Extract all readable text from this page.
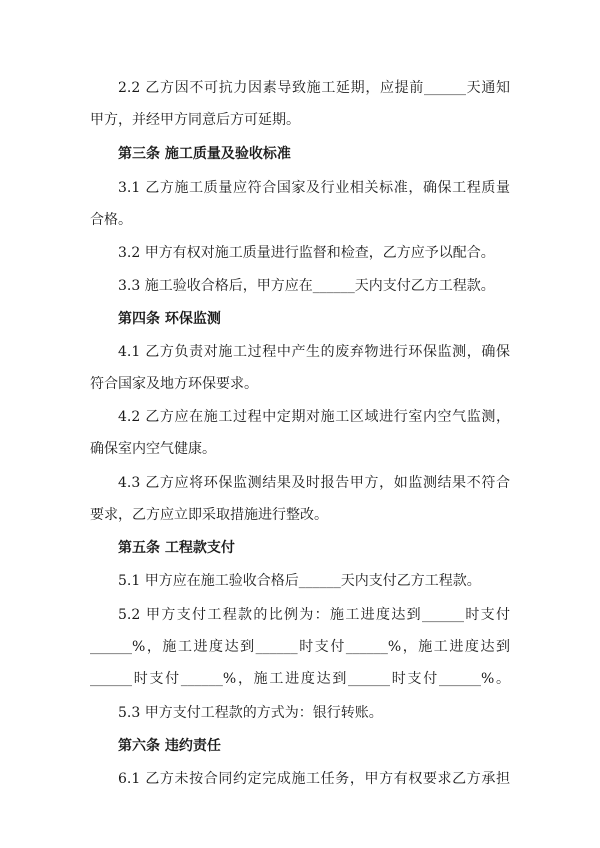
2.2 乙方因不可抗力因素导致施工延期，应提前______天通知
甲方，并经甲方同意后方可延期。
第三条 施工质量及验收标准
3.1 乙方施工质量应符合国家及行业相关标准，确保工程质量
合格。
3.2 甲方有权对施工质量进行监督和检查，乙方应予以配合。
3.3 施工验收合格后，甲方应在______天内支付乙方工程款。
第四条 环保监测
4.1 乙方负责对施工过程中产生的废弃物进行环保监测，确保
符合国家及地方环保要求。
4.2 乙方应在施工过程中定期对施工区域进行室内空气监测，
确保室内空气健康。
4.3 乙方应将环保监测结果及时报告甲方，如监测结果不符合
要求，乙方应立即采取措施进行整改。
第五条 工程款支付
5.1 甲方应在施工验收合格后______天内支付乙方工程款。
5.2 甲方支付工程款的比例为：施工进度达到______时支付
______%，施工进度达到______时支付______%，施工进度达到
______时支付______%，施工进度达到______时支付______%。
5.3 甲方支付工程款的方式为：银行转账。
第六条 违约责任
6.1 乙方未按合同约定完成施工任务，甲方有权要求乙方承担
